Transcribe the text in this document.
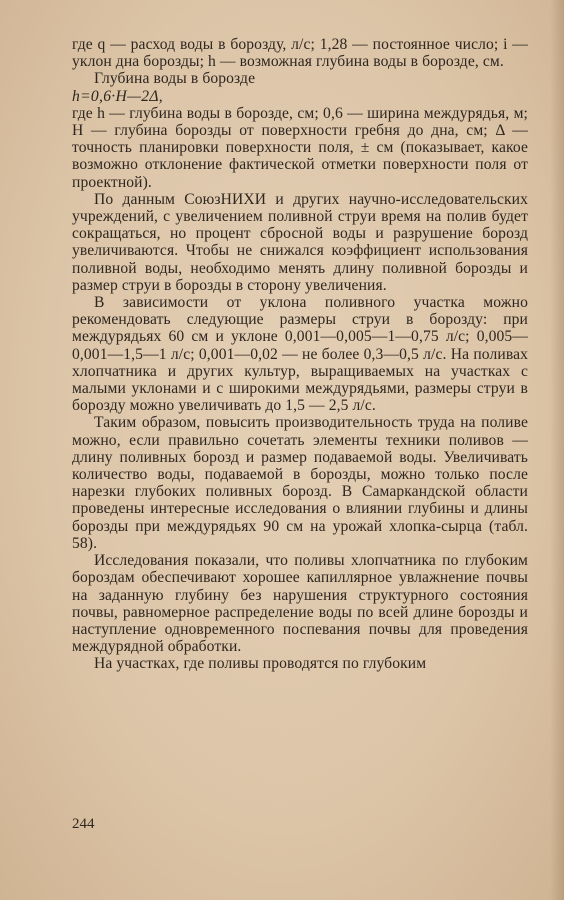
где q — расход воды в борозду, л/с; 1,28 — постоянное число; i — уклон дна борозды; h — возможная глубина воды в борозде, см.

Глубина воды в борозде

h=0,6·H—2Δ,

где h — глубина воды в борозде, см; 0,6 — ширина междурядья, м; H — глубина борозды от поверхности гребня до дна, см; Δ — точность планировки поверхности поля, ± см (показывает, какое возможно отклонение фактической отметки поверхности поля от проектной).

По данным СоюзНИХИ и других научно-исследовательских учреждений, с увеличением поливной струи время на полив будет сокращаться, но процент сбросной воды и разрушение борозд увеличиваются. Чтобы не снижался коэффициент использования поливной воды, необходимо менять длину поливной борозды и размер струи в борозды в сторону увеличения.

В зависимости от уклона поливного участка можно рекомендовать следующие размеры струи в борозду: при междурядьях 60 см и уклоне 0,001—0,005—1—0,75 л/с; 0,005—0,001—1,5—1 л/с; 0,001—0,02 — не более 0,3—0,5 л/с. На поливах хлопчатника и других культур, выращиваемых на участках с малыми уклонами и с широкими междурядьями, размеры струи в борозду можно увеличивать до 1,5 — 2,5 л/с.

Таким образом, повысить производительность труда на поливе можно, если правильно сочетать элементы техники поливов — длину поливных борозд и размер подаваемой воды. Увеличивать количество воды, подаваемой в борозды, можно только после нарезки глубоких поливных борозд. В Самаркандской области проведены интересные исследования о влиянии глубины и длины борозды при междурядьях 90 см на урожай хлопка-сырца (табл. 58).

Исследования показали, что поливы хлопчатника по глубоким бороздам обеспечивают хорошее капиллярное увлажнение почвы на заданную глубину без нарушения структурного состояния почвы, равномерное распределение воды по всей длине борозды и наступление одновременного поспевания почвы для проведения междурядной обработки.

На участках, где поливы проводятся по глубоким

244
